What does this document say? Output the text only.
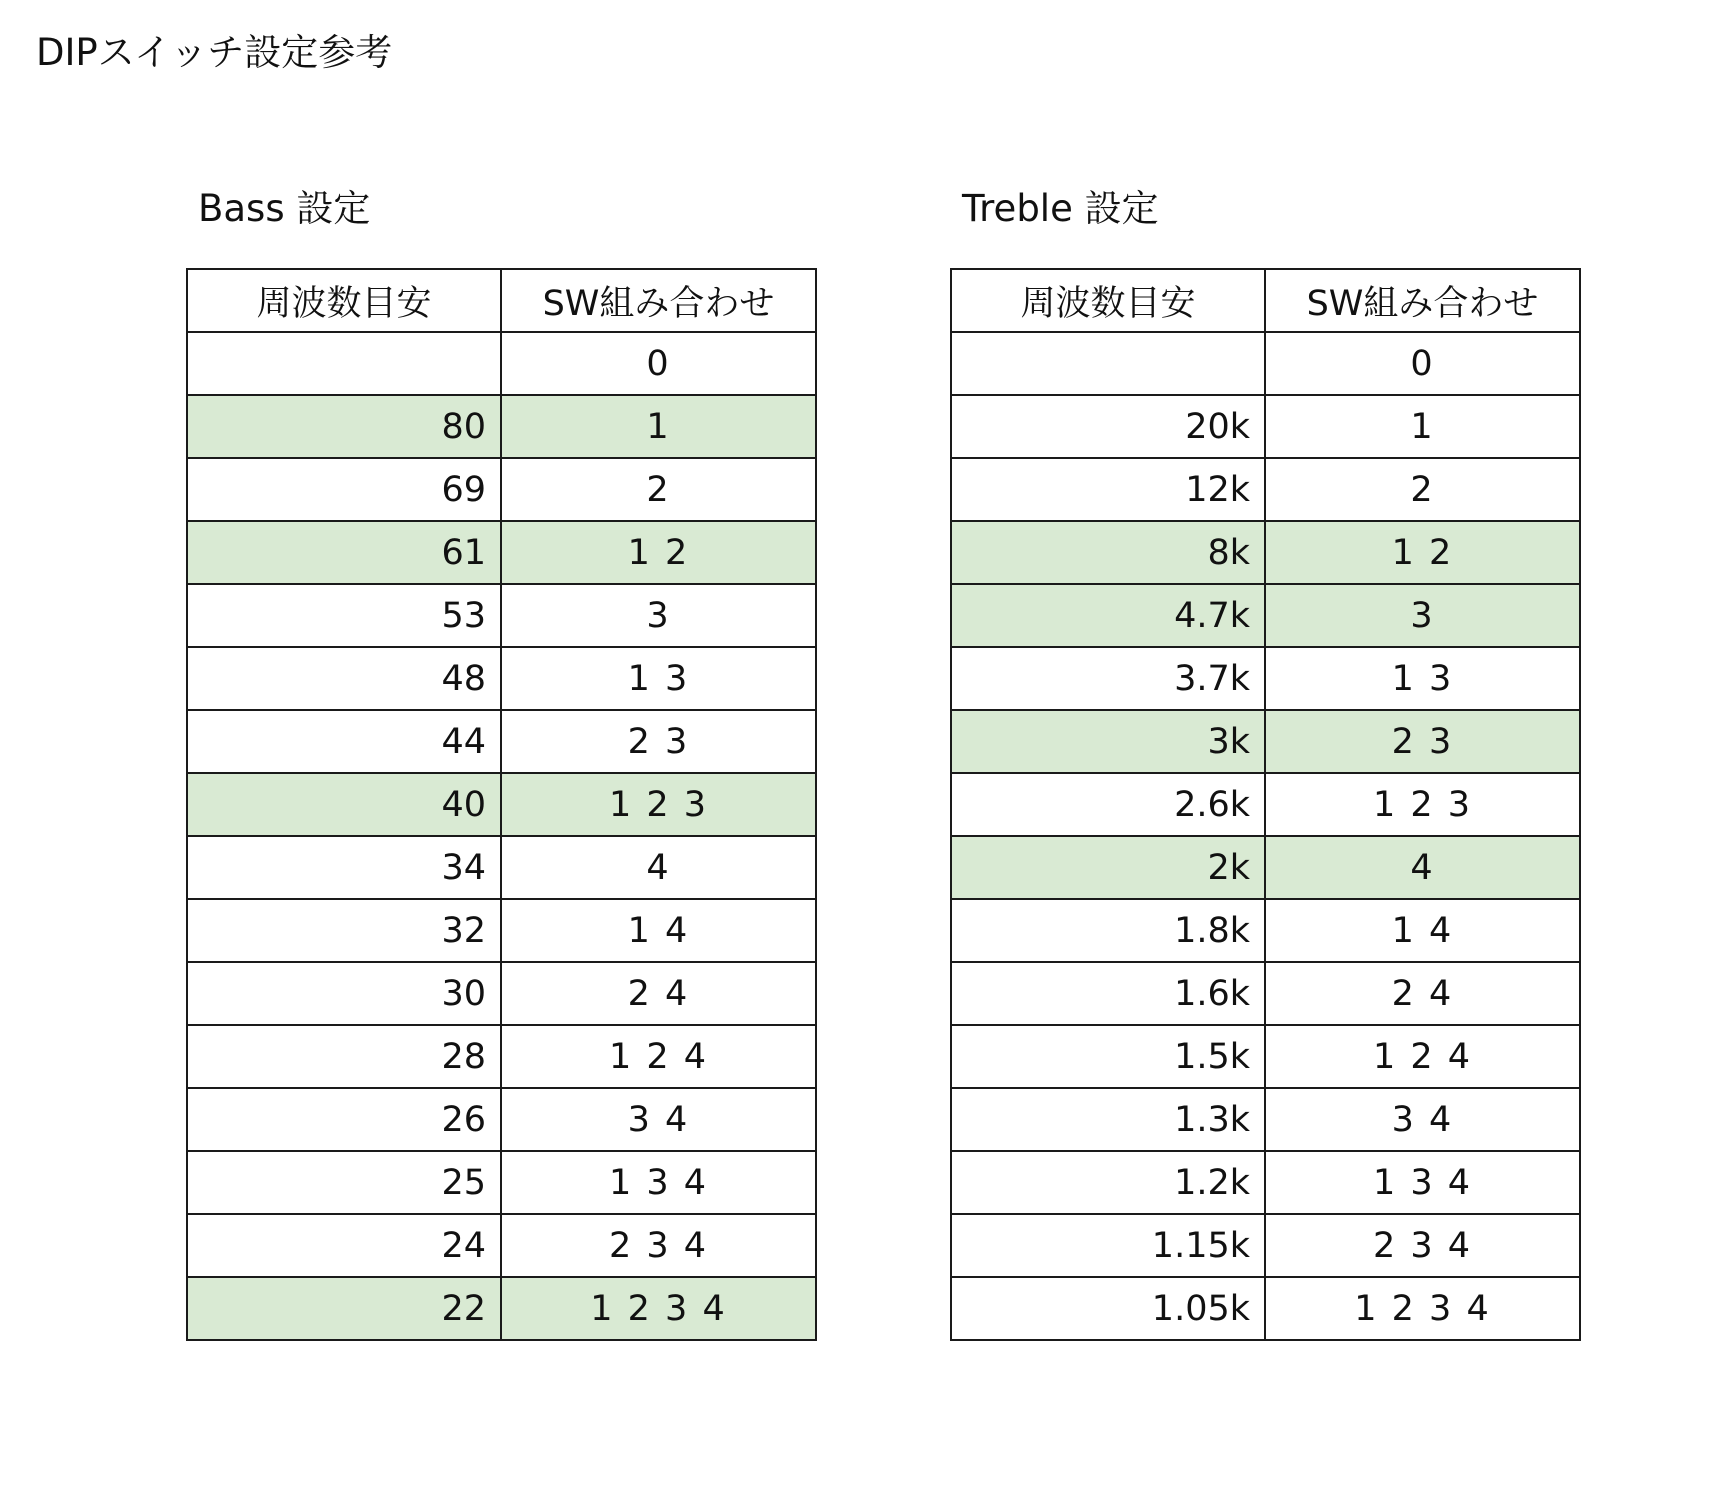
DIPスイッチ設定参考
Bass 設定
周波数目安	SW組み合わせ
	0
80	1
69	2
61	1 2
53	3
48	1 3
44	2 3
40	1 2 3
34	4
32	1 4
30	2 4
28	1 2 4
26	3 4
25	1 3 4
24	2 3 4
22	1 2 3 4
Treble 設定
周波数目安	SW組み合わせ
	0
20k	1
12k	2
8k	1 2
4.7k	3
3.7k	1 3
3k	2 3
2.6k	1 2 3
2k	4
1.8k	1 4
1.6k	2 4
1.5k	1 2 4
1.3k	3 4
1.2k	1 3 4
1.15k	2 3 4
1.05k	1 2 3 4
